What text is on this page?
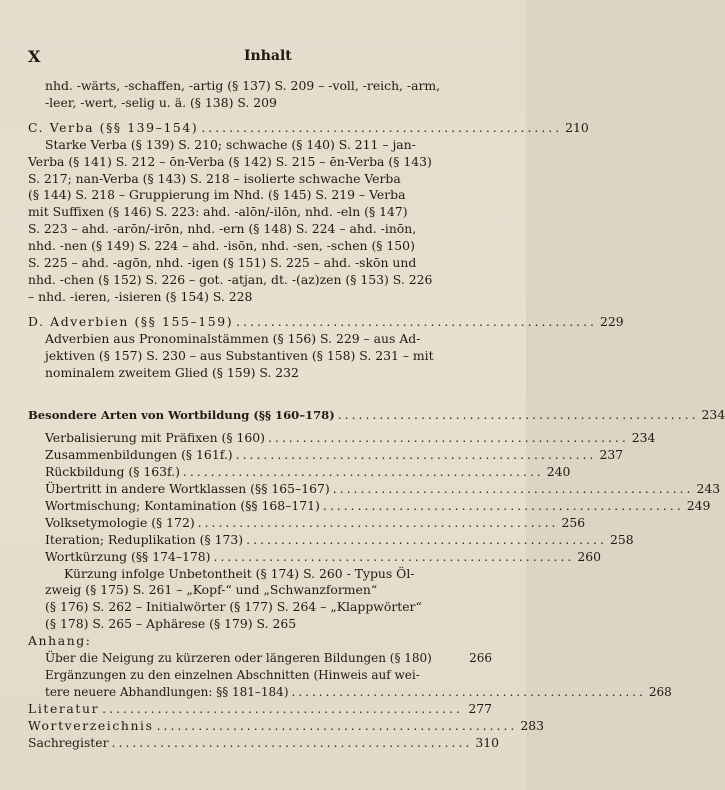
X	Inhalt
nhd. -wärts, -schaffen, -artig (§ 137) S. 209 – -voll, -reich, -arm,
-leer, -wert, -selig u. ä. (§ 138) S. 209
C. Verba (§§ 139–154) .................................................... 210
Starke Verba (§ 139) S. 210; schwache (§ 140) S. 211 – jan-
Verba (§ 141) S. 212 – ōn-Verba (§ 142) S. 215 – ēn-Verba (§ 143)
S. 217; nan-Verba (§ 143) S. 218 – isolierte schwache Verba
(§ 144) S. 218 – Gruppierung im Nhd. (§ 145) S. 219 – Verba
mit Suffixen (§ 146) S. 223: ahd. -alōn/-ilōn, nhd. -eln (§ 147)
S. 223 – ahd. -arōn/-irōn, nhd. -ern (§ 148) S. 224 – ahd. -inōn,
nhd. -nen (§ 149) S. 224 – ahd. -isōn, nhd. -sen, -schen (§ 150)
S. 225 – ahd. -agōn, nhd. -igen (§ 151) S. 225 – ahd. -skōn und
nhd. -chen (§ 152) S. 226 – got. -atjan, dt. -(az)zen (§ 153) S. 226
– nhd. -ieren, -isieren (§ 154) S. 228
D. Adverbien (§§ 155–159) .................................................... 229
Adverbien aus Pronominalstämmen (§ 156) S. 229 – aus Ad-
jektiven (§ 157) S. 230 – aus Substantiven (§ 158) S. 231 – mit
nominalem zweitem Glied (§ 159) S. 232
Besondere Arten von Wortbildung (§§ 160–178) .................................................... 234
Verbalisierung mit Präfixen (§ 160) .................................................... 234
Zusammenbildungen (§ 161f.) .................................................... 237
Rückbildung (§ 163f.) .................................................... 240
Übertritt in andere Wortklassen (§§ 165–167) .................................................... 243
Wortmischung; Kontamination (§§ 168–171) .................................................... 249
Volksetymologie (§ 172) .................................................... 256
Iteration; Reduplikation (§ 173) .................................................... 258
Wortkürzung (§§ 174–178) .................................................... 260
Kürzung infolge Unbetontheit (§ 174) S. 260 - Typus Öl-
zweig (§ 175) S. 261 – „Kopf-“ und „Schwanzformen“
(§ 176) S. 262 – Initialwörter (§ 177) S. 264 – „Klappwörter“
(§ 178) S. 265 – Aphärese (§ 179) S. 265
Anhang:
Über die Neigung zu kürzeren oder längeren Bildungen (§ 180)	266
Ergänzungen zu den einzelnen Abschnitten (Hinweis auf wei-
tere neuere Abhandlungen: §§ 181–184) .................................................... 268
Literatur .................................................... 277
Wortverzeichnis .................................................... 283
Sachregister .................................................... 310
